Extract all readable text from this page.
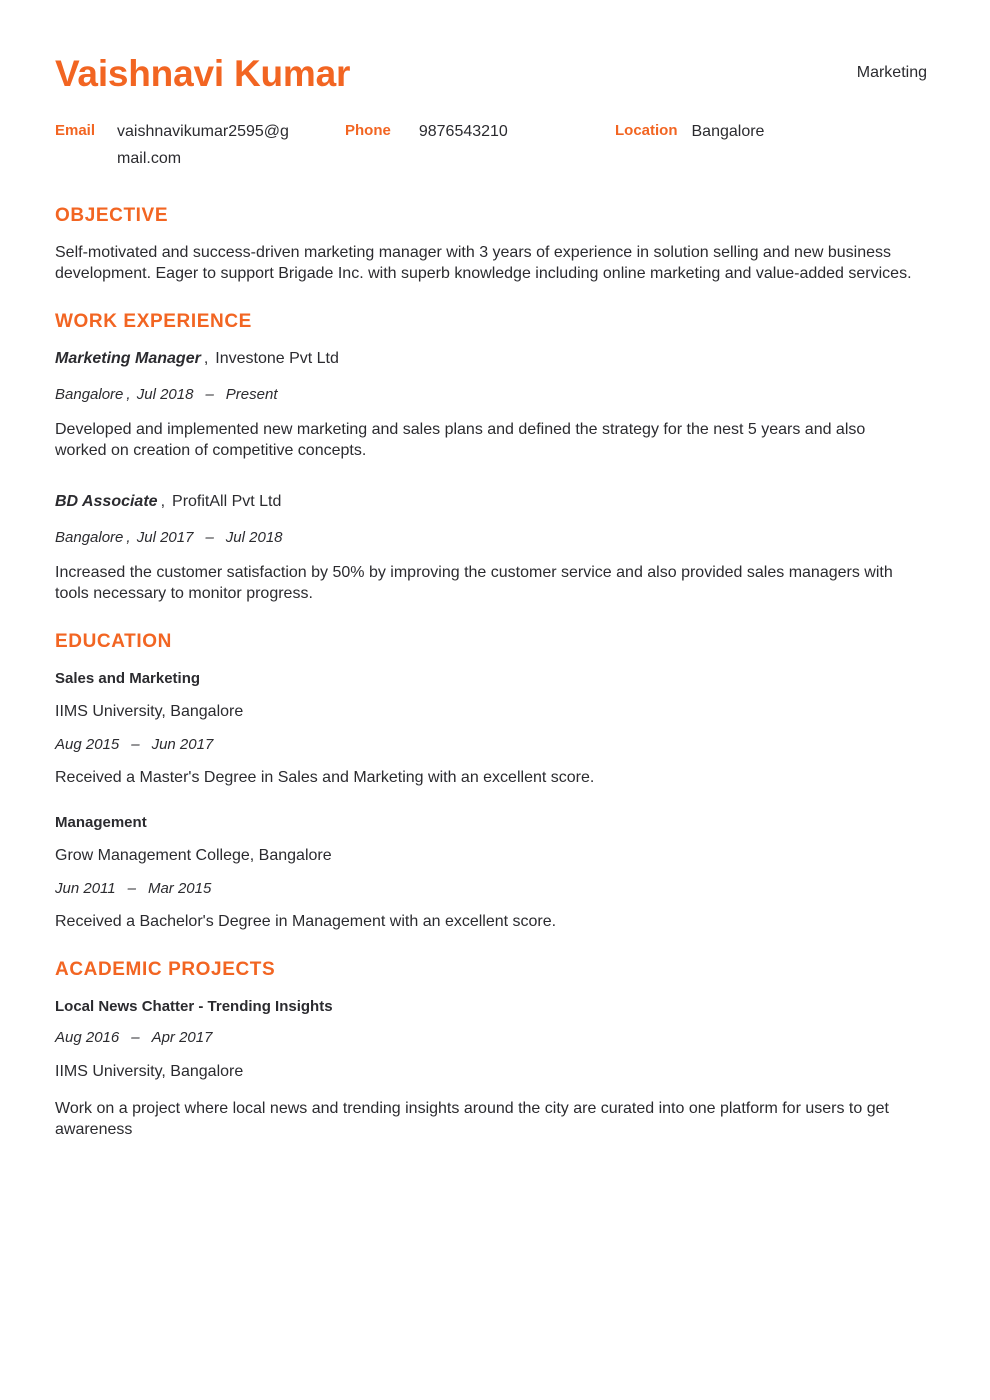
Vaishnavi Kumar	Marketing
Email vaishnavikumar2595@gmail.com
Phone 9876543210	Location Bangalore
OBJECTIVE

Self-motivated and success-driven marketing manager with 3 years of experience in solution selling and new business development. Eager to support Brigade Inc. with superb knowledge including online marketing and value-added services.

WORK EXPERIENCE
Marketing Manager , Investone Pvt Ltd
Bangalore , Jul 2018 – Present
Developed and implemented new marketing and sales plans and defined the strategy for the nest 5 years and also worked on creation of competitive concepts.
BD Associate , ProfitAll Pvt Ltd
Bangalore , Jul 2017 – Jul 2018
Increased the customer satisfaction by 50% by improving the customer service and also provided sales managers with tools necessary to monitor progress.
EDUCATION
Sales and Marketing
IIMS University, Bangalore
Aug 2015 – Jun 2017
Received a Master's Degree in Sales and Marketing with an excellent score.
Management
Grow Management College, Bangalore
Jun 2011 – Mar 2015
Received a Bachelor's Degree in Management with an excellent score.
ACADEMIC PROJECTS
Local News Chatter - Trending Insights
Aug 2016 – Apr 2017
IIMS University, Bangalore
Work on a project where local news and trending insights around the city are curated into one platform for users to get awareness
